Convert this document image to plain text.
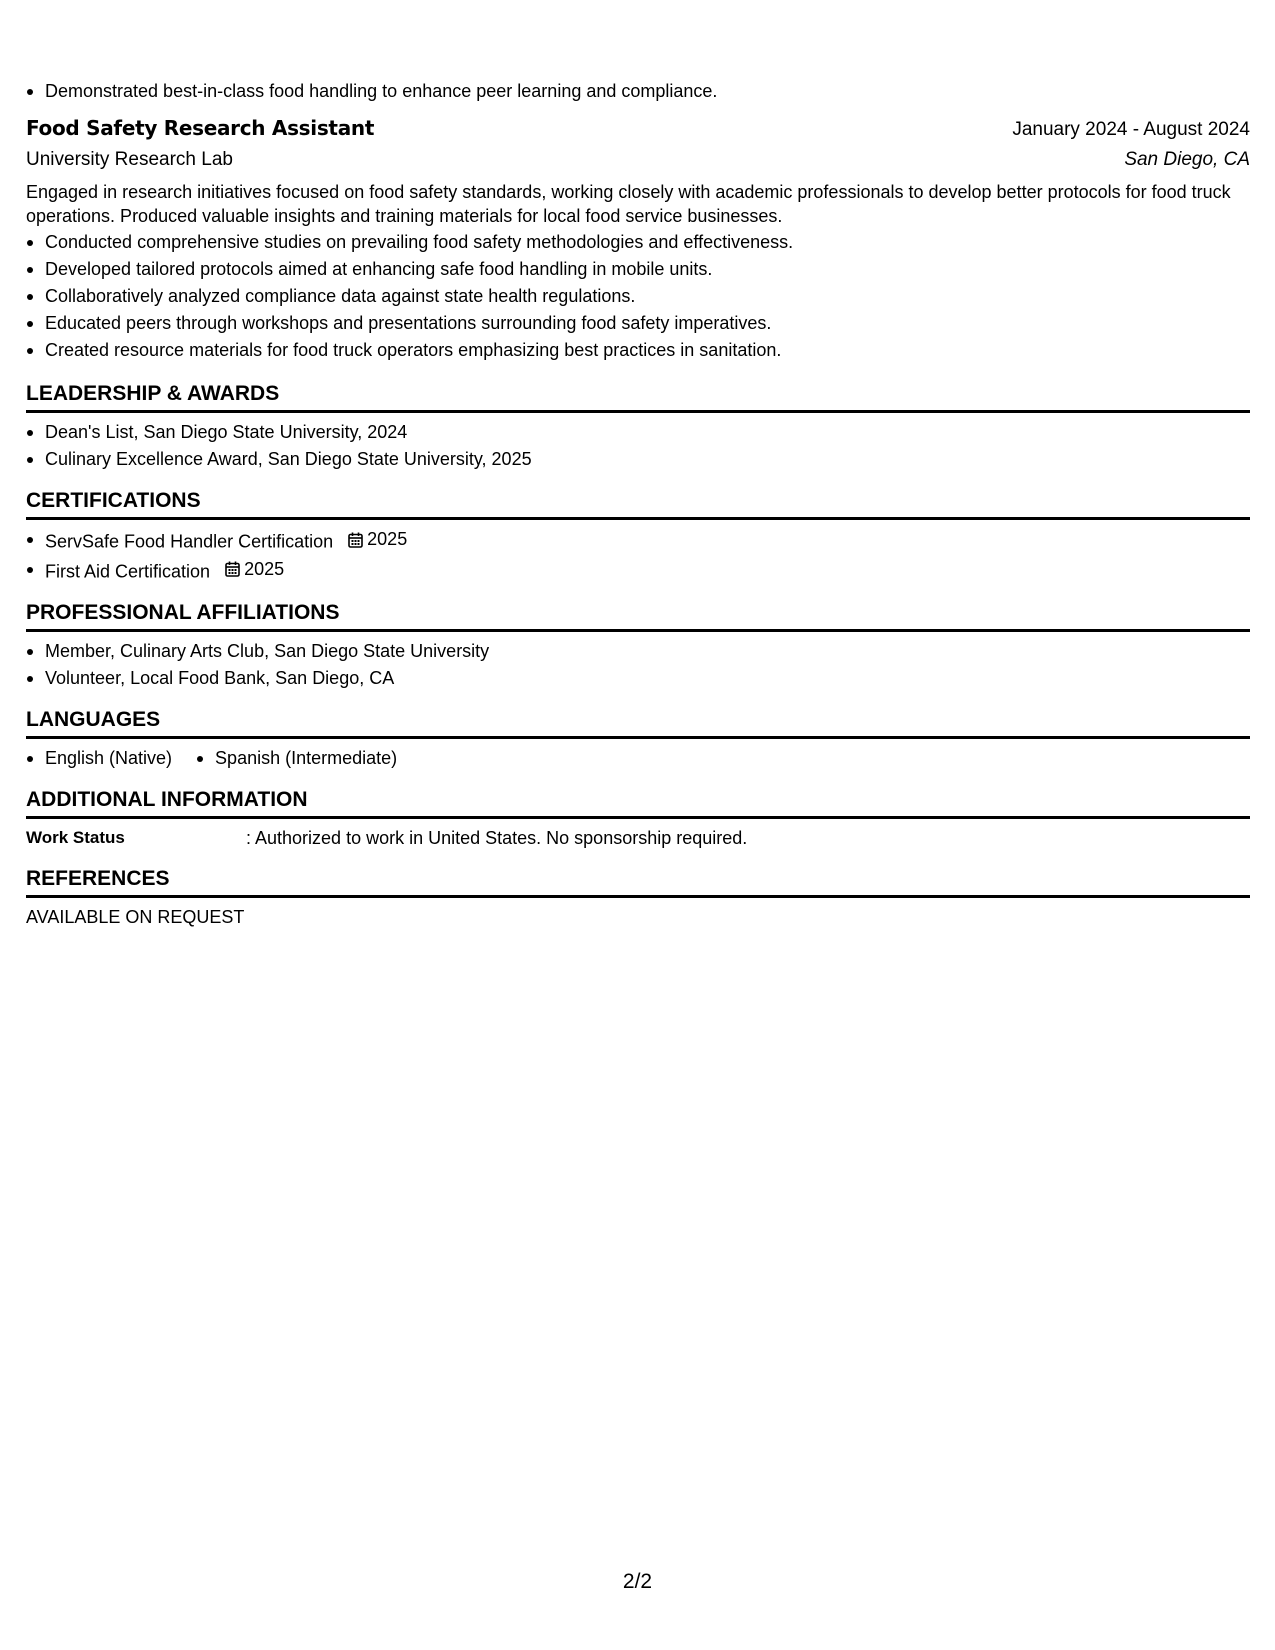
Demonstrated best-in-class food handling to enhance peer learning and compliance.
Food Safety Research Assistant	January 2024 - August 2024
University Research Lab	San Diego, CA

Engaged in research initiatives focused on food safety standards, working closely with academic professionals to develop better protocols for food truck operations. Produced valuable insights and training materials for local food service businesses.

Conducted comprehensive studies on prevailing food safety methodologies and effectiveness.
Developed tailored protocols aimed at enhancing safe food handling in mobile units.
Collaboratively analyzed compliance data against state health regulations.
Educated peers through workshops and presentations surrounding food safety imperatives.
Created resource materials for food truck operators emphasizing best practices in sanitation.
LEADERSHIP & AWARDS
Dean's List, San Diego State University, 2024
Culinary Excellence Award, San Diego State University, 2025
CERTIFICATIONS
ServSafe Food Handler Certification 2025
First Aid Certification 2025
PROFESSIONAL AFFILIATIONS
Member, Culinary Arts Club, San Diego State University
Volunteer, Local Food Bank, San Diego, CA
LANGUAGES
English (Native)	Spanish (Intermediate)
ADDITIONAL INFORMATION
Work Status	: Authorized to work in United States. No sponsorship required.
REFERENCES
AVAILABLE ON REQUEST
2/2
